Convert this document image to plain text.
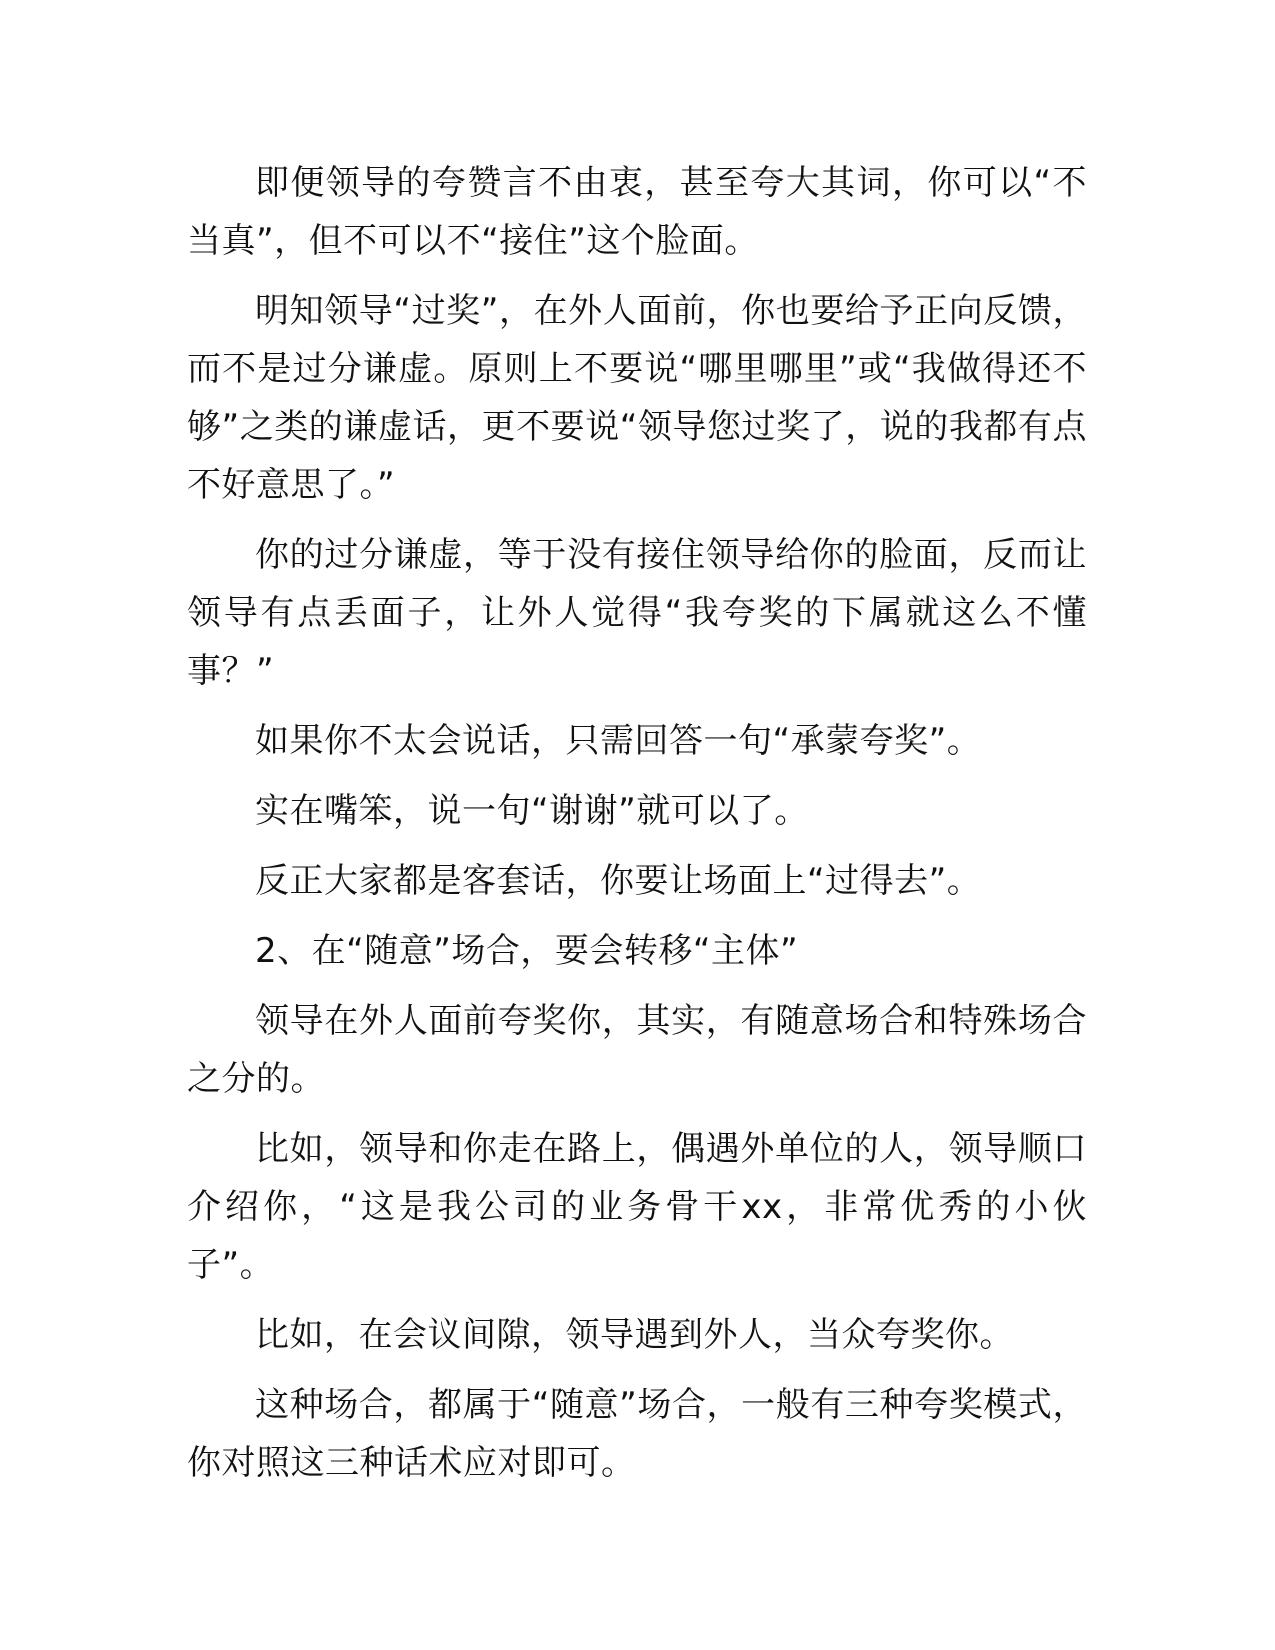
即便领导的夸赞言不由衷，甚至夸大其词，你可以“不当真”，但不可以不“接住”这个脸面。

明知领导“过奖”，在外人面前，你也要给予正向反馈，而不是过分谦虚。原则上不要说“哪里哪里”或“我做得还不够”之类的谦虚话，更不要说“领导您过奖了，说的我都有点不好意思了。”

你的过分谦虚，等于没有接住领导给你的脸面，反而让领导有点丢面子，让外人觉得“我夸奖的下属就这么不懂事？”

如果你不太会说话，只需回答一句“承蒙夸奖”。

实在嘴笨，说一句“谢谢”就可以了。

反正大家都是客套话，你要让场面上“过得去”。

2、在“随意”场合，要会转移“主体”

领导在外人面前夸奖你，其实，有随意场合和特殊场合之分的。

比如，领导和你走在路上，偶遇外单位的人，领导顺口介绍你，“这是我公司的业务骨干xx，非常优秀的小伙子”。

比如，在会议间隙，领导遇到外人，当众夸奖你。

这种场合，都属于“随意”场合，一般有三种夸奖模式，你对照这三种话术应对即可。
